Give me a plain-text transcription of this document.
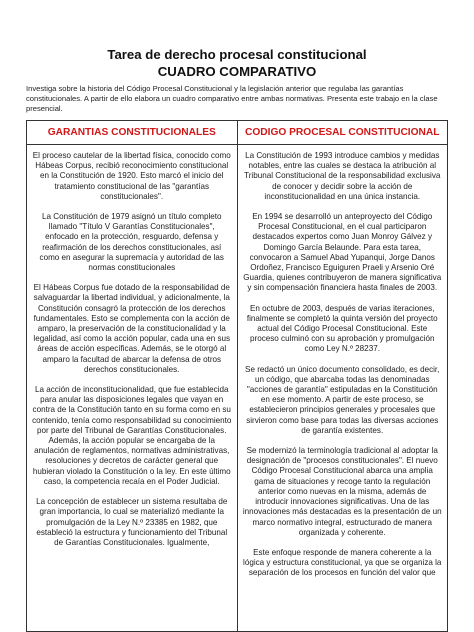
Tarea de derecho procesal constitucional

CUADRO COMPARATIVO

Investiga sobre la historia del Código Procesal Constitucional y la legislación anterior que regulaba las garantías constitucionales. A partir de ello elabora un cuadro comparativo entre ambas normativas. Presenta este trabajo en la clase presencial.
GARANTIAS CONSTITUCIONALES	CODIGO PROCESAL CONSTITUCIONAL

El proceso cautelar de la libertad física, conocido como Hábeas Corpus, recibió reconocimiento constitucional en la Constitución de 1920. Esto marcó el inicio del tratamiento constitucional de las "garantías constitucionales".

La Constitución de 1979 asignó un título completo llamado "Título V Garantías Constitucionales", enfocado en la protección, resguardo, defensa y reafirmación de los derechos constitucionales, así como en asegurar la supremacía y autoridad de las normas constitucionales

El Hábeas Corpus fue dotado de la responsabilidad de salvaguardar la libertad individual, y adicionalmente, la Constitución consagró la protección de los derechos fundamentales. Esto se complementa con la acción de amparo, la preservación de la constitucionalidad y la legalidad, así como la acción popular, cada una en sus áreas de acción específicas. Además, se le otorgó al amparo la facultad de abarcar la defensa de otros derechos constitucionales.

La acción de inconstitucionalidad, que fue establecida para anular las disposiciones legales que vayan en contra de la Constitución tanto en su forma como en su contenido, tenía como responsabilidad su conocimiento por parte del Tribunal de Garantías Constitucionales. Además, la acción popular se encargaba de la anulación de reglamentos, normativas administrativas, resoluciones y decretos de carácter general que hubieran violado la Constitución o la ley. En este último caso, la competencia recaía en el Poder Judicial.

La concepción de establecer un sistema resultaba de gran importancia, lo cual se materializó mediante la promulgación de la Ley N.º 23385 en 1982, que estableció la estructura y funcionamiento del Tribunal de Garantías Constitucionales. Igualmente,

La Constitución de 1993 introduce cambios y medidas notables, entre las cuales se destaca la atribución al Tribunal Constitucional de la responsabilidad exclusiva de conocer y decidir sobre la acción de inconstitucionalidad en una única instancia.

En 1994 se desarrolló un anteproyecto del Código Procesal Constitucional, en el cual participaron destacados expertos como Juan Monroy Gálvez y Domingo García Belaunde. Para esta tarea, convocaron a Samuel Abad Yupanqui, Jorge Danos Ordoñez, Francisco Eguiguren Praeli y Arsenio Oré Guardia, quienes contribuyeron de manera significativa y sin compensación financiera hasta finales de 2003.

En octubre de 2003, después de varias iteraciones, finalmente se completó la quinta versión del proyecto actual del Código Procesal Constitucional. Este proceso culminó con su aprobación y promulgación como Ley N.º 28237.

Se redactó un único documento consolidado, es decir, un código, que abarcaba todas las denominadas "acciones de garantía" estipuladas en la Constitución en ese momento. A partir de este proceso, se establecieron principios generales y procesales que sirvieron como base para todas las diversas acciones de garantía existentes.

Se modernizó la terminología tradicional al adoptar la designación de "procesos constitucionales". El nuevo Código Procesal Constitucional abarca una amplia gama de situaciones y recoge tanto la regulación anterior como nuevas en la misma, además de introducir innovaciones significativas. Una de las innovaciones más destacadas es la presentación de un marco normativo integral, estructurado de manera organizada y coherente.

Este enfoque responde de manera coherente a la lógica y estructura constitucional, ya que se organiza la separación de los procesos en función del valor que
